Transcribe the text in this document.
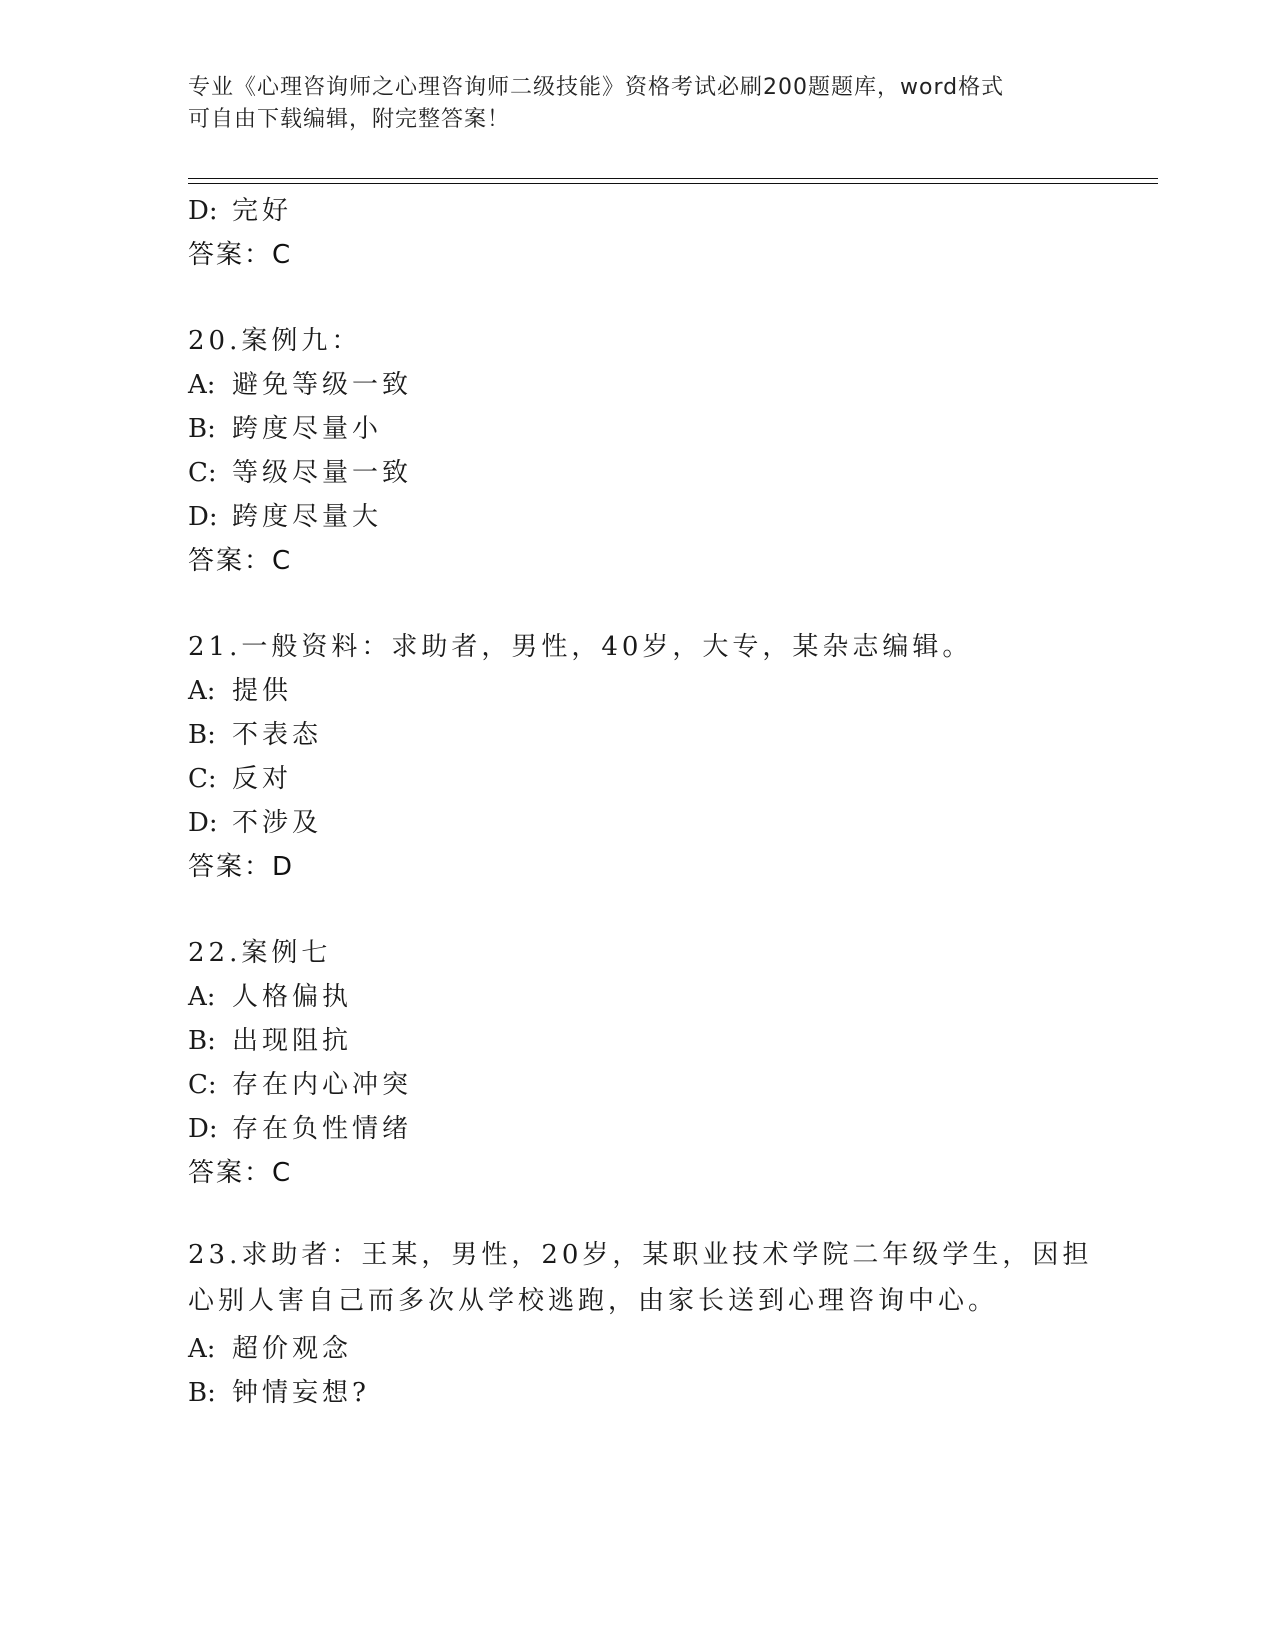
专业《心理咨询师之心理咨询师二级技能》资格考试必刷200题题库，word格式
可自由下载编辑，附完整答案！
D: 完好
答案：C
20.案例九：
A: 避免等级一致
B: 跨度尽量小
C: 等级尽量一致
D: 跨度尽量大
答案：C
21.一般资料：求助者，男性，40岁，大专，某杂志编辑。
A: 提供
B: 不表态
C: 反对
D: 不涉及
答案：D
22.案例七
A: 人格偏执
B: 出现阻抗
C: 存在内心冲突
D: 存在负性情绪
答案：C
23.求助者：王某，男性，20岁，某职业技术学院二年级学生，因担心别人害自己而多次从学校逃跑，由家长送到心理咨询中心。
A: 超价观念
B: 钟情妄想?
